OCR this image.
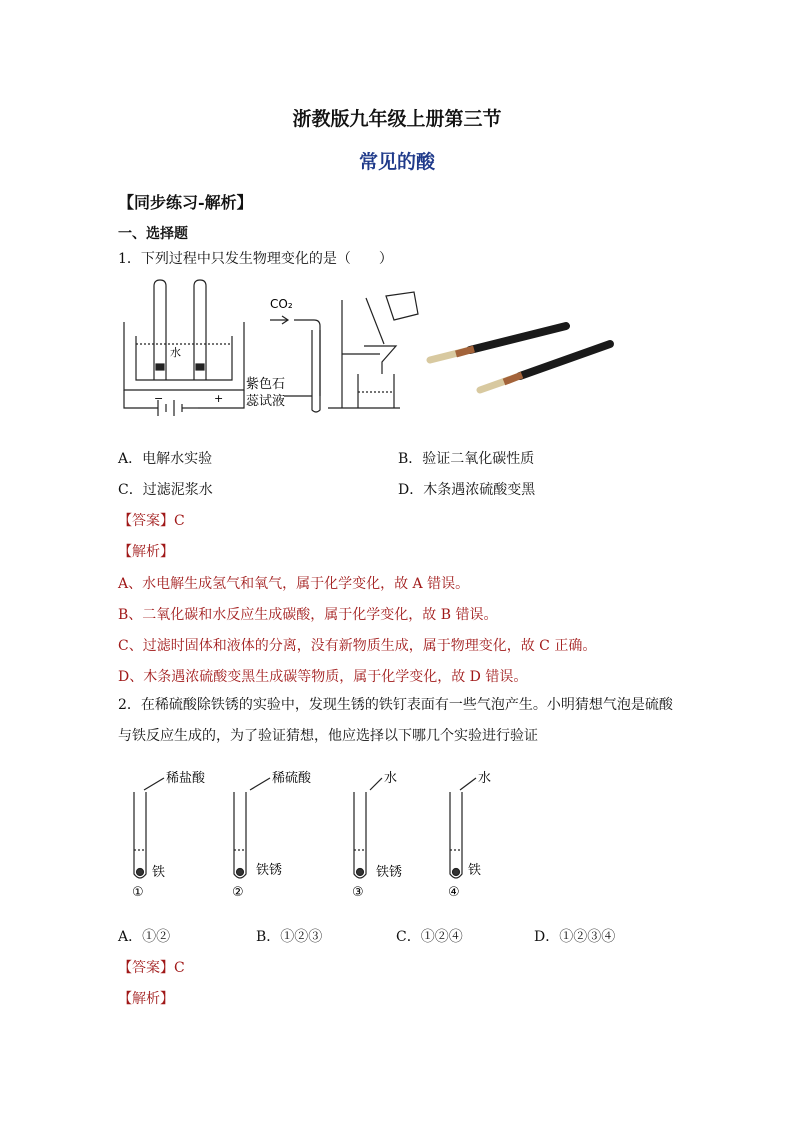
浙教版九年级上册第三节
常见的酸
【同步练习-解析】
一、选择题
1．下列过程中只发生物理变化的是（　　）
水
−	+
CO₂
紫色石
蕊试液
A．电解水实验	B．验证二氧化碳性质
C．过滤泥浆水	D．木条遇浓硫酸变黑
【答案】C
【解析】
A、水电解生成氢气和氧气，属于化学变化，故 A 错误。
B、二氧化碳和水反应生成碳酸，属于化学变化，故 B 错误。
C、过滤时固体和液体的分离，没有新物质生成，属于物理变化，故 C 正确。
D、木条遇浓硫酸变黑生成碳等物质，属于化学变化，故 D 错误。
2．在稀硫酸除铁锈的实验中，发现生锈的铁钉表面有一些气泡产生。小明猜想气泡是硫酸与铁反应生成的，为了验证猜想，他应选择以下哪几个实验进行验证
稀盐酸
铁
①
稀硫酸
铁锈
②
水
铁锈
③
水
铁
④
A．①②	B．①②③	C．①②④	D．①②③④
【答案】C
【解析】
